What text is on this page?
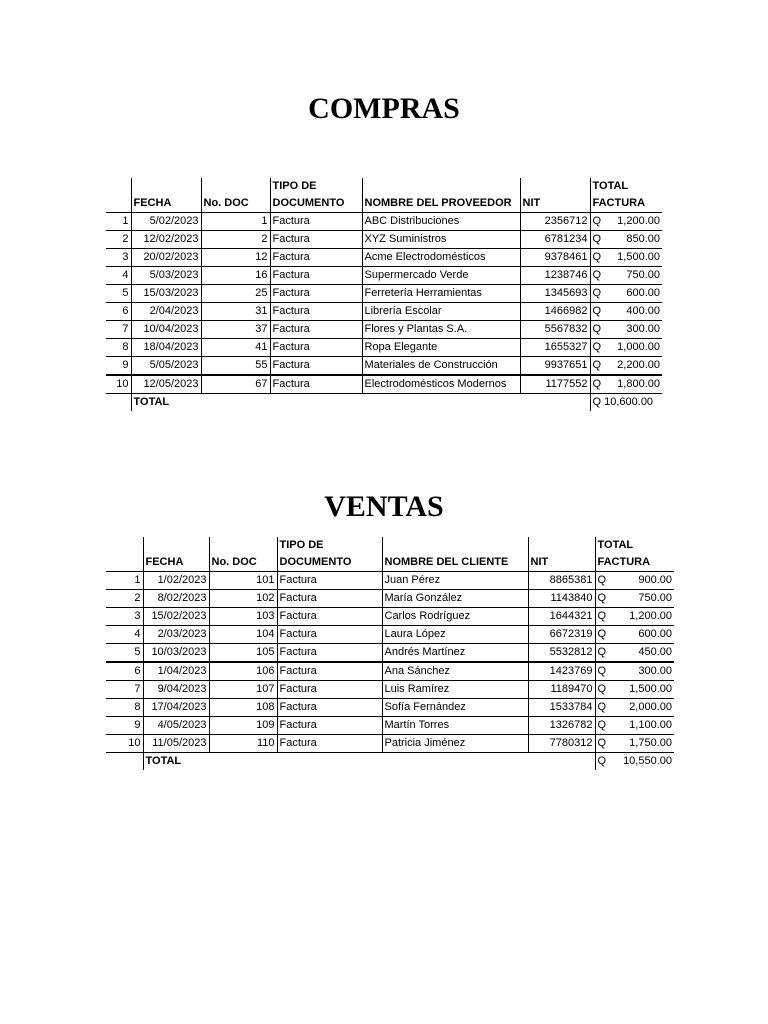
COMPRAS
			TIPO DE			TOTAL
	FECHA	No. DOC	DOCUMENTO	NOMBRE DEL PROVEEDOR	NIT	FACTURA
1	5/02/2023	1	Factura	ABC Distribuciones	2356712	Q 1,200.00

2	12/02/2023	2	Factura	XYZ Suministros	6781234	Q 850.00

3	20/02/2023	12	Factura	Acme Electrodomésticos	9378461	Q 1,500.00

4	5/03/2023	16	Factura	Supermercado Verde	1238746	Q 750.00

5	15/03/2023	25	Factura	Ferretería Herramientas	1345693	Q 600.00

6	2/04/2023	31	Factura	Librería Escolar	1466982	Q 400.00

7	10/04/2023	37	Factura	Flores y Plantas S.A.	5567832	Q 300.00

8	18/04/2023	41	Factura	Ropa Elegante	1655327	Q 1,000.00

9	5/05/2023	55	Factura	Materiales de Construcción	9937651	Q 2,200.00

10	12/05/2023	67	Factura	Electrodomésticos Modernos	1177552	Q 1,800.00

	TOTAL					Q 10,600.00
VENTAS
			TIPO DE			TOTAL
	FECHA	No. DOC	DOCUMENTO	NOMBRE DEL CLIENTE	NIT	FACTURA
1	1/02/2023	101	Factura	Juan Pérez	8865381	Q 900.00

2	8/02/2023	102	Factura	María González	1143840	Q 750.00

3	15/02/2023	103	Factura	Carlos Rodríguez	1644321	Q 1,200.00

4	2/03/2023	104	Factura	Laura López	6672319	Q 600.00

5	10/03/2023	105	Factura	Andrés Martínez	5532812	Q 450.00

6	1/04/2023	106	Factura	Ana Sánchez	1423769	Q 300.00

7	9/04/2023	107	Factura	Luis Ramírez	1189470	Q 1,500.00

8	17/04/2023	108	Factura	Sofía Fernández	1533784	Q 2,000.00

9	4/05/2023	109	Factura	Martín Torres	1326782	Q 1,100.00

10	11/05/2023	110	Factura	Patricia Jiménez	7780312	Q 1,750.00

	TOTAL					Q 10,550.00
